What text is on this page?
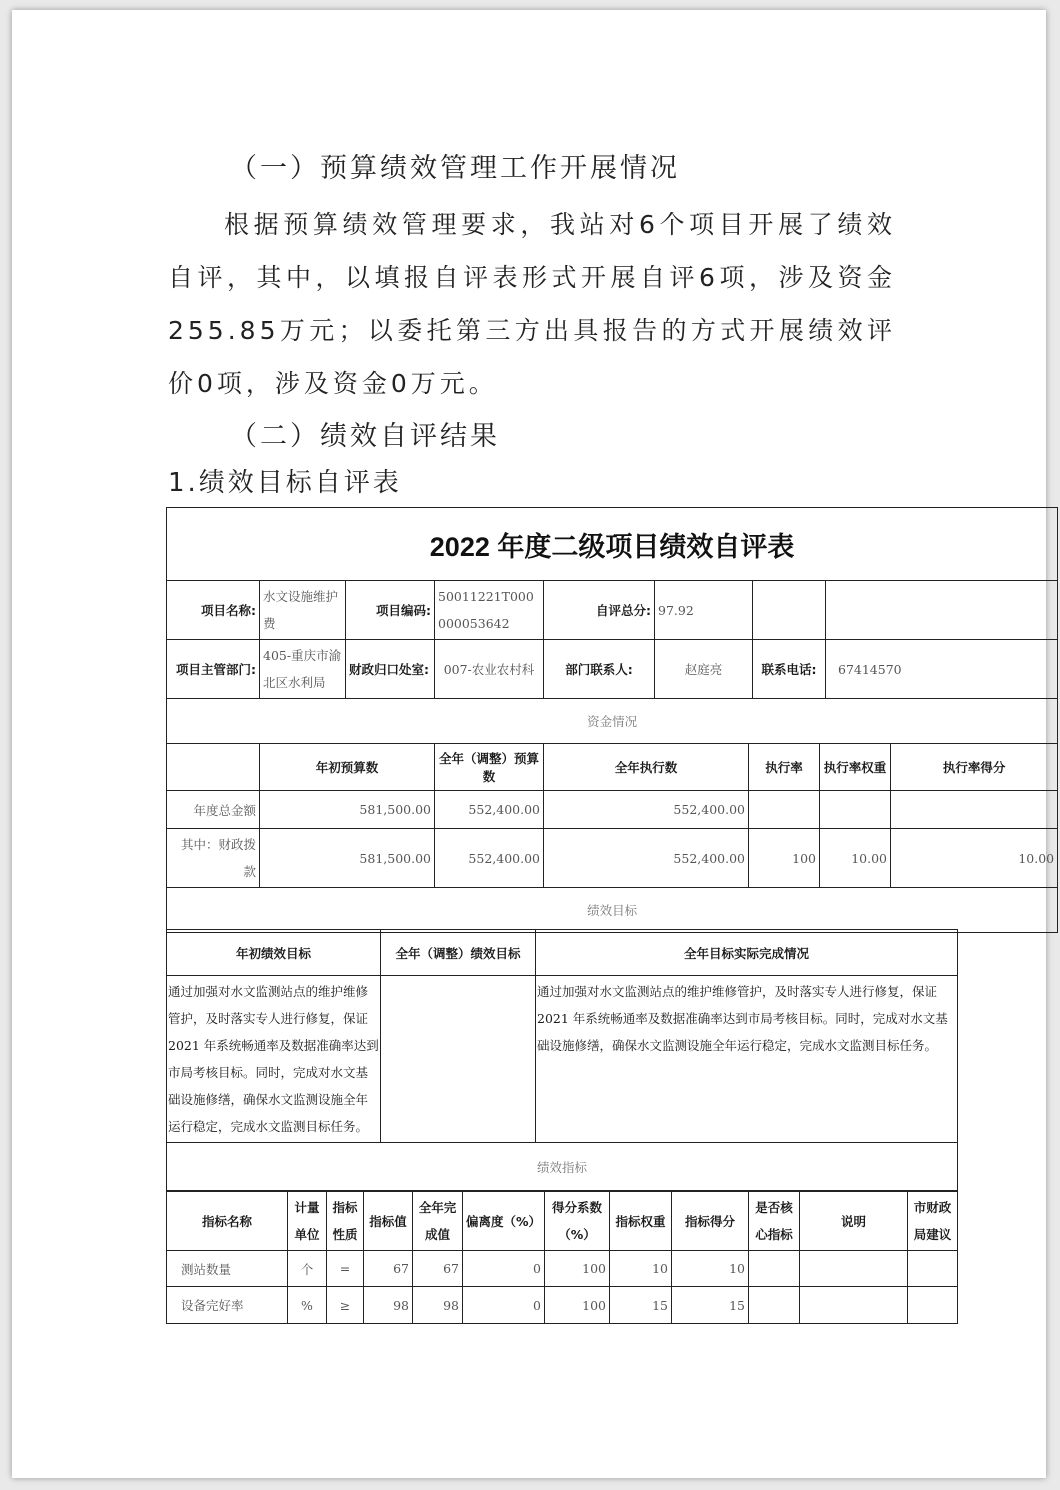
（一）预算绩效管理工作开展情况
根据预算绩效管理要求，我站对6个项目开展了绩效自评，其中，以填报自评表形式开展自评6项，涉及资金255.85万元；以委托第三方出具报告的方式开展绩效评价0项，涉及资金0万元。
（二）绩效自评结果
1.绩效目标自评表
2022 年度二级项目绩效自评表										
项目名称:	水文设施维护费	项目编码:	50011221T000000053642	自评总分:	97.92					
项目主管部门:	405-重庆市渝北区水利局	财政归口处室:	007-农业农村科	部门联系人:	赵庭亮		联系电话:		67414570	
资金情况										
	年初预算数		全年（调整）预算数	全年执行数		执行率		执行率权重		执行率得分
年度总金额	581,500.00		552,400.00	552,400.00						
其中：财政拨款	581,500.00		552,400.00	552,400.00		100		10.00		10.00
绩效目标										
年初绩效目标	全年（调整）绩效目标	全年目标实际完成情况
通过加强对水文监测站点的维护维修管护，及时落实专人进行修复，保证2021 年系统畅通率及数据准确率达到市局考核目标。同时，完成对水文基础设施修缮，确保水文监测设施全年运行稳定，完成水文监测目标任务。		通过加强对水文监测站点的维护维修管护，及时落实专人进行修复，保证2021 年系统畅通率及数据准确率达到市局考核目标。同时，完成对水文基础设施修缮，确保水文监测设施全年运行稳定，完成水文监测目标任务。
绩效指标		
指标名称	计量单位	指标性质	指标值	全年完成值	偏离度（%）	得分系数（%）	指标权重	指标得分	是否核心指标	说明	市财政局建议
测站数量	个	=	67	67	0	100	10	10			
设备完好率	%	≥	98	98	0	100	15	15			
